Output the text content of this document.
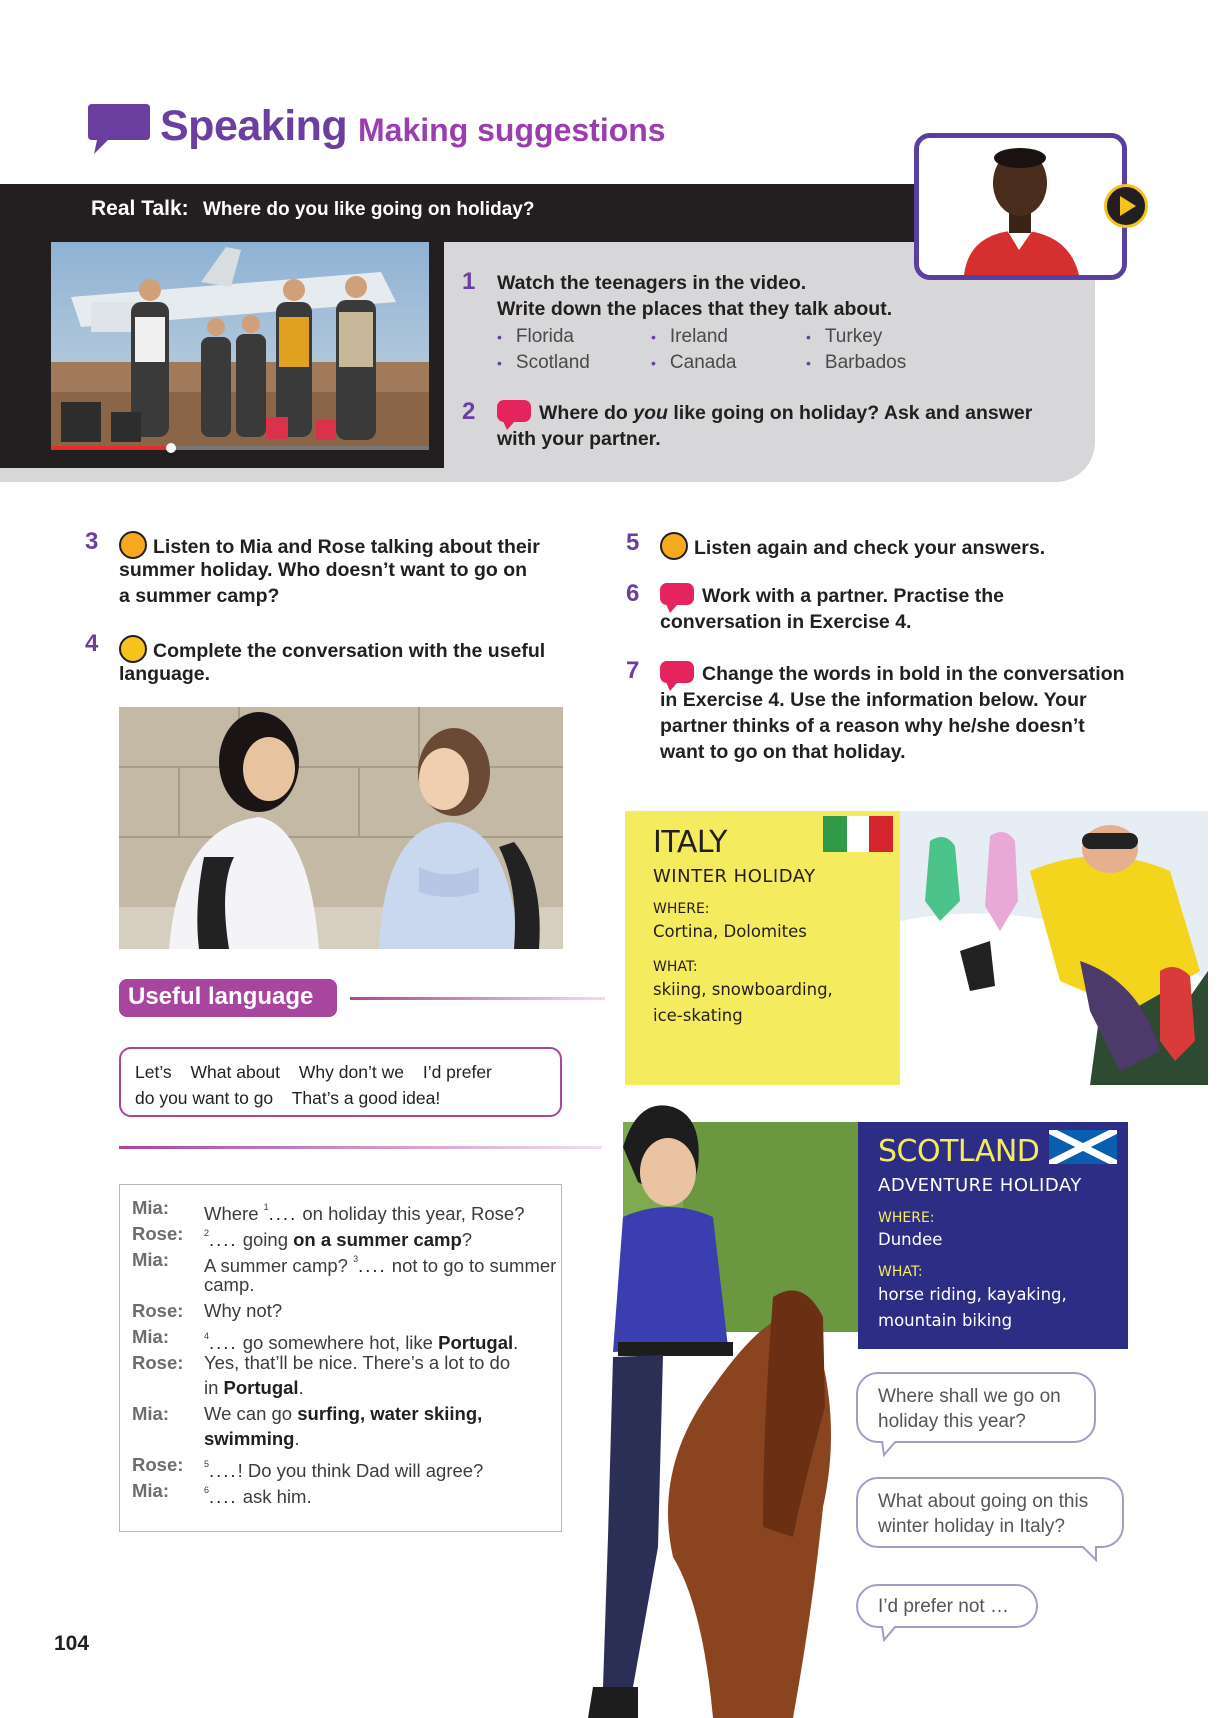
Speaking Making suggestions
Real Talk: Where do you like going on holiday?
1 Watch the teenagers in the video.
Write down the places that they talk about.
• Florida
• Scotland
• Ireland
• Canada
• Turkey
• Barbados
2	Where do you like going on holiday? Ask and answer
with your partner.
3	Listen to Mia and Rose talking about their
summer holiday. Who doesn’t want to go on
a summer camp?
4	Complete the conversation with the useful
language.
5	Listen again and check your answers.
6	Work with a partner. Practise the
conversation in Exercise 4.
7	Change the words in bold in the conversation
in Exercise 4. Use the information below. Your
partner thinks of a reason why he/she doesn’t
want to go on that holiday.
Useful language
Let’s What about Why don’t we I’d prefer
do you want to go That’s a good idea!
Mia:	Where $^1$.... on holiday this year, Rose?
Rose:	$^2$.... going on a summer camp?
Mia:	A summer camp? $^3$.... not to go to summer
camp.
Rose:	Why not?
Mia:	$^4$.... go somewhere hot, like Portugal.
Rose:	Yes, that’ll be nice. There’s a lot to do
in Portugal.
Mia:	We can go surfing, water skiing,
swimming.
Rose:	$^5$....! Do you think Dad will agree?
Mia:	$^6$.... ask him.
ITALY
WINTER HOLIDAY
WHERE:
Cortina, Dolomites
WHAT:
skiing, snowboarding,
ice-skating
SCOTLAND
ADVENTURE HOLIDAY
WHERE:
Dundee
WHAT:
horse riding, kayaking,
mountain biking
Where shall we go on
holiday this year?
What about going on this
winter holiday in Italy?
I’d prefer not …
104
